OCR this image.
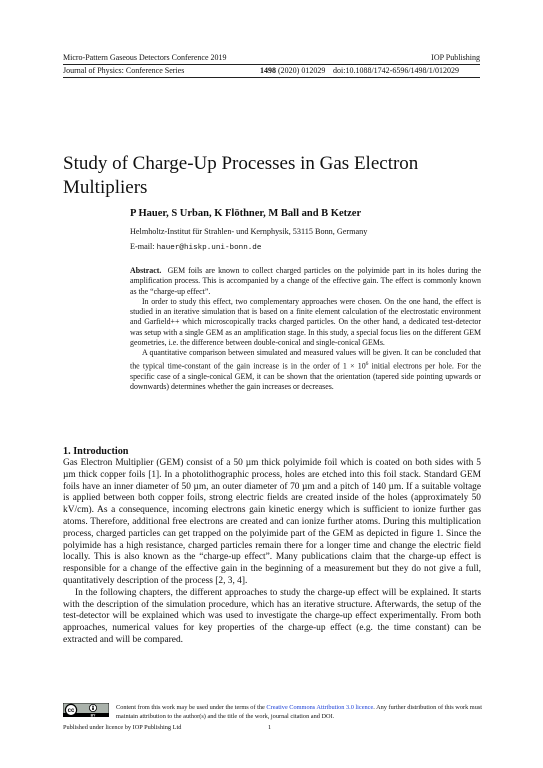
Micro-Pattern Gaseous Detectors Conference 2019	IOP Publishing
Journal of Physics: Conference Series	1498 (2020) 012029 doi:10.1088/1742-6596/1498/1/012029
Study of Charge-Up Processes in Gas Electron Multipliers
P Hauer, S Urban, K Flöthner, M Ball and B Ketzer
Helmholtz-Institut für Strahlen- und Kernphysik, 53115 Bonn, Germany
E-mail: hauer@hiskp.uni-bonn.de

Abstract. GEM foils are known to collect charged particles on the polyimide part in its holes during the amplification process. This is accompanied by a change of the effective gain. The effect is commonly known as the “charge-up effect”.

In order to study this effect, two complementary approaches were chosen. On the one hand, the effect is studied in an iterative simulation that is based on a finite element calculation of the electrostatic environment and Garfield++ which microscopically tracks charged particles. On the other hand, a dedicated test-detector was setup with a single GEM as an amplification stage. In this study, a special focus lies on the different GEM geometries, i.e. the difference between double-conical and single-conical GEMs.

A quantitative comparison between simulated and measured values will be given. It can be concluded that the typical time-constant of the gain increase is in the order of $1 \times 10^6$ initial electrons per hole. For the specific case of a single-conical GEM, it can be shown that the orientation (tapered side pointing upwards or downwards) determines whether the gain increases or decreases.

1. Introduction

Gas Electron Multiplier (GEM) consist of a 50 µm thick polyimide foil which is coated on both sides with 5 µm thick copper foils [1]. In a photolithographic process, holes are etched into this foil stack. Standard GEM foils have an inner diameter of 50 µm, an outer diameter of 70 µm and a pitch of 140 µm. If a suitable voltage is applied between both copper foils, strong electric fields are created inside of the holes (approximately 50 kV/cm). As a consequence, incoming electrons gain kinetic energy which is sufficient to ionize further gas atoms. Therefore, additional free electrons are created and can ionize further atoms. During this multiplication process, charged particles can get trapped on the polyimide part of the GEM as depicted in figure 1. Since the polyimide has a high resistance, charged particles remain there for a longer time and change the electric field locally. This is also known as the “charge-up effect”. Many publications claim that the charge-up effect is responsible for a change of the effective gain in the beginning of a measurement but they do not give a full, quantitatively description of the process [2, 3, 4].

In the following chapters, the different approaches to study the charge-up effect will be explained. It starts with the description of the simulation procedure, which has an iterative structure. Afterwards, the setup of the test-detector will be explained which was used to investigate the charge-up effect experimentally. From both approaches, numerical values for key properties of the charge-up effect (e.g. the time constant) can be extracted and will be compared.

cc
BY
Content from this work may be used under the terms of the Creative Commons Attribution 3.0 licence. Any further distribution of this work must maintain attribution to the author(s) and the title of the work, journal citation and DOI.
Published under licence by IOP Publishing Ltd	1
